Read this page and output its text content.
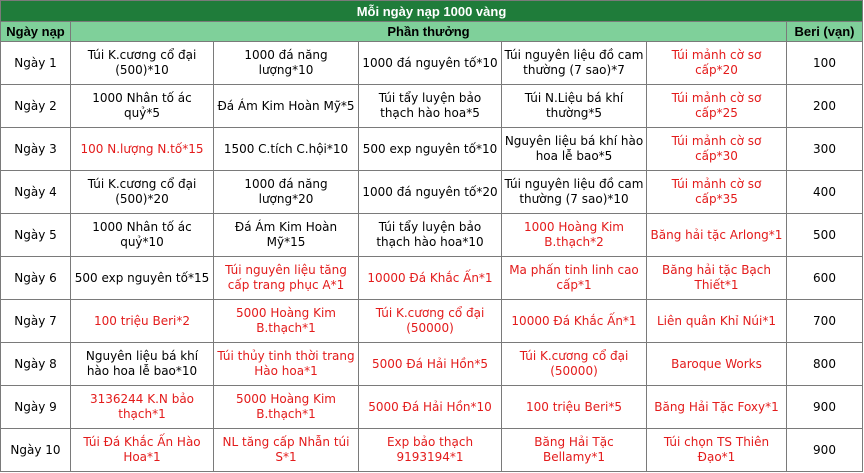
Mỗi ngày nạp 1000 vàng						
Ngày nạp	Phần thưởng					Beri (vạn)
Ngày 1	Túi K.cương cổ đại (500)*10	1000 đá năng lượng*10	1000 đá nguyên tố*10	Túi nguyên liệu đồ cam thường (7 sao)*7	Túi mảnh cờ sơ cấp*20	100
Ngày 2	1000 Nhân tố ác quỷ*5	Đá Ám Kim Hoàn Mỹ*5	Túi tẩy luyện bảo thạch hào hoa*5	Túi N.Liệu bá khí thường*5	Túi mảnh cờ sơ cấp*25	200
Ngày 3	100 N.lượng N.tố*15	1500 C.tích C.hội*10	500 exp nguyên tố*10	Nguyên liệu bá khí hào hoa lễ bao*5	Túi mảnh cờ sơ cấp*30	300
Ngày 4	Túi K.cương cổ đại (500)*20	1000 đá năng lượng*20	1000 đá nguyên tố*20	Túi nguyên liệu đồ cam thường (7 sao)*10	Túi mảnh cờ sơ cấp*35	400
Ngày 5	1000 Nhân tố ác quỷ*10	Đá Ám Kim Hoàn Mỹ*15	Túi tẩy luyện bảo thạch hào hoa*10	1000 Hoàng Kim B.thạch*2	Băng hải tặc Arlong*1	500
Ngày 6	500 exp nguyên tố*15	Túi nguyên liệu tăng cấp trang phục A*1	10000 Đá Khắc Ấn*1	Ma phấn tinh linh cao cấp*1	Băng hải tặc Bạch Thiết*1	600
Ngày 7	100 triệu Beri*2	5000 Hoàng Kim B.thạch*1	Túi K.cương cổ đại (50000)	10000 Đá Khắc Ấn*1	Liên quân Khỉ Núi*1	700
Ngày 8	Nguyên liệu bá khí hào hoa lễ bao*10	Túi thủy tinh thời trang Hào hoa*1	5000 Đá Hải Hồn*5	Túi K.cương cổ đại (50000)	Baroque Works	800
Ngày 9	3136244 K.N bảo thạch*1	5000 Hoàng Kim B.thạch*1	5000 Đá Hải Hồn*10	100 triệu Beri*5	Băng Hải Tặc Foxy*1	900
Ngày 10	Túi Đá Khắc Ấn Hào Hoa*1	NL tăng cấp Nhẫn túi S*1	Exp bảo thạch 9193194*1	Băng Hải Tặc Bellamy*1	Túi chọn TS Thiên Đạo*1	900
